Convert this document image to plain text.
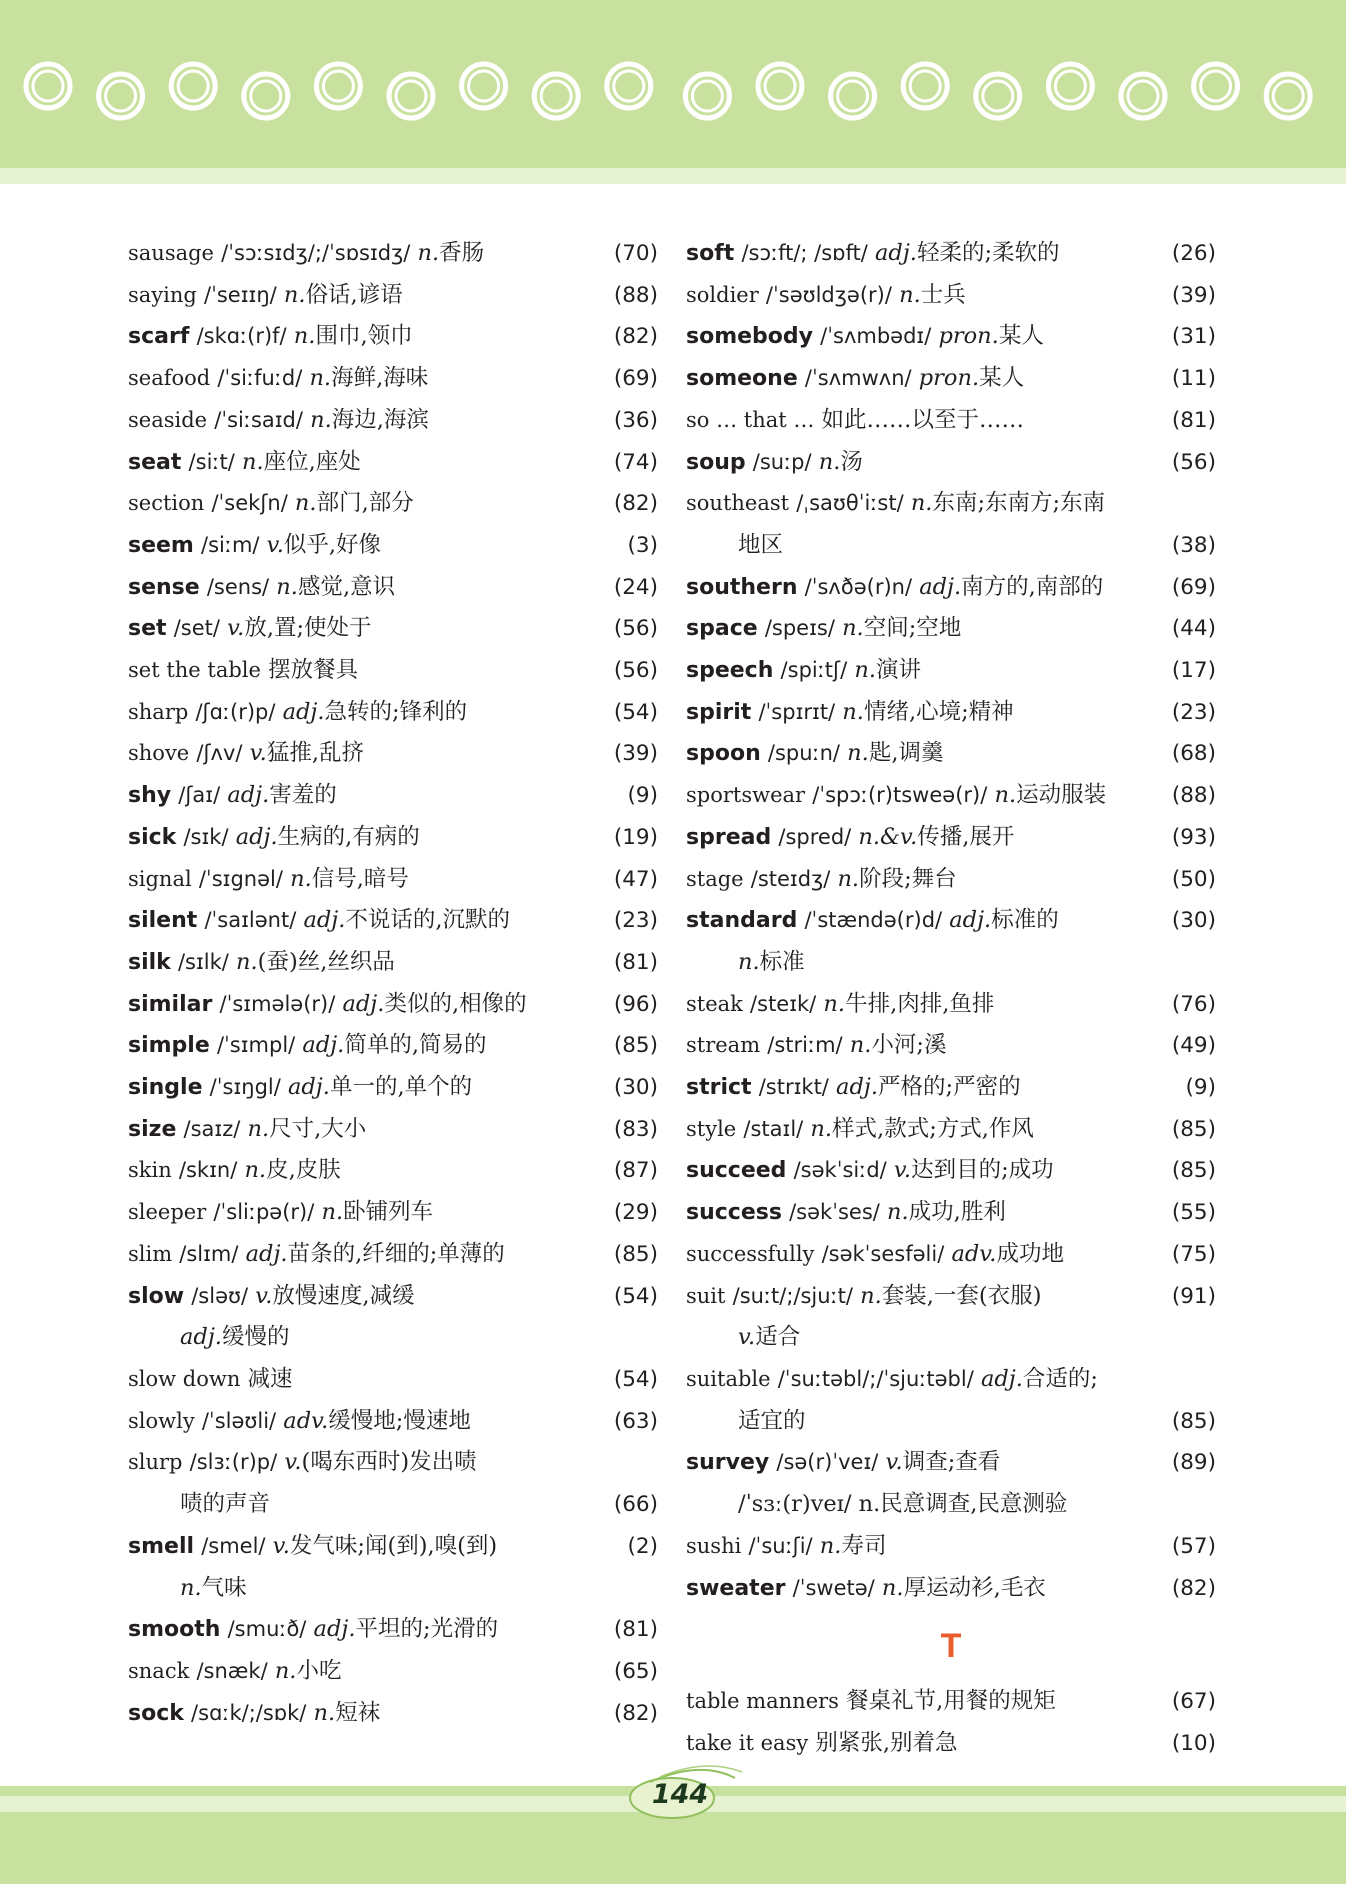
sausage /ˈsɔːsɪdʒ/;/ˈsɒsɪdʒ/ n.香肠	(70)
saying /ˈseɪɪŋ/ n.俗话,谚语	(88)
scarf /skɑː(r)f/ n.围巾,领巾	(82)
seafood /ˈsiːfuːd/ n.海鲜,海味	(69)
seaside /ˈsiːsaɪd/ n.海边,海滨	(36)
seat /siːt/ n.座位,座处	(74)
section /ˈsekʃn/ n.部门,部分	(82)
seem /siːm/ v.似乎,好像	(3)
sense /sens/ n.感觉,意识	(24)
set /set/ v.放,置;使处于	(56)
set the table 摆放餐具	(56)
sharp /ʃɑː(r)p/ adj.急转的;锋利的	(54)
shove /ʃʌv/ v.猛推,乱挤	(39)
shy /ʃaɪ/ adj.害羞的	(9)
sick /sɪk/ adj.生病的,有病的	(19)
signal /ˈsɪgnəl/ n.信号,暗号	(47)
silent /ˈsaɪlənt/ adj.不说话的,沉默的	(23)
silk /sɪlk/ n.(蚕)丝,丝织品	(81)
similar /ˈsɪmələ(r)/ adj.类似的,相像的	(96)
simple /ˈsɪmpl/ adj.简单的,简易的	(85)
single /ˈsɪŋgl/ adj.单一的,单个的	(30)
size /saɪz/ n.尺寸,大小	(83)
skin /skɪn/ n.皮,皮肤	(87)
sleeper /ˈsliːpə(r)/ n.卧铺列车	(29)
slim /slɪm/ adj.苗条的,纤细的;单薄的	(85)
slow /sləʊ/ v.放慢速度,减缓	(54)
adj.缓慢的
slow down 减速	(54)
slowly /ˈsləʊli/ adv.缓慢地;慢速地	(63)
slurp /slɜː(r)p/ v.(喝东西时)发出啧
啧的声音	(66)
smell /smel/ v.发气味;闻(到),嗅(到)	(2)
n.气味
smooth /smuːð/ adj.平坦的;光滑的	(81)
snack /snæk/ n.小吃	(65)
sock /sɑːk/;/sɒk/ n.短袜	(82)
soft /sɔːft/; /sɒft/ adj.轻柔的;柔软的	(26)
soldier /ˈsəʊldʒə(r)/ n.士兵	(39)
somebody /ˈsʌmbədɪ/ pron.某人	(31)
someone /ˈsʌmwʌn/ pron.某人	(11)
so … that … 如此……以至于……	(81)
soup /suːp/ n.汤	(56)
southeast /ˌsaʊθˈiːst/ n.东南;东南方;东南
地区	(38)
southern /ˈsʌðə(r)n/ adj.南方的,南部的	(69)
space /speɪs/ n.空间;空地	(44)
speech /spiːtʃ/ n.演讲	(17)
spirit /ˈspɪrɪt/ n.情绪,心境;精神	(23)
spoon /spuːn/ n.匙,调羹	(68)
sportswear /ˈspɔː(r)tsweə(r)/ n.运动服装	(88)
spread /spred/ n.&v.传播,展开	(93)
stage /steɪdʒ/ n.阶段;舞台	(50)
standard /ˈstændə(r)d/ adj.标准的	(30)
n.标准
steak /steɪk/ n.牛排,肉排,鱼排	(76)
stream /striːm/ n.小河;溪	(49)
strict /strɪkt/ adj.严格的;严密的	(9)
style /staɪl/ n.样式,款式;方式,作风	(85)
succeed /səkˈsiːd/ v.达到目的;成功	(85)
success /səkˈses/ n.成功,胜利	(55)
successfully /səkˈsesfəli/ adv.成功地	(75)
suit /suːt/;/sjuːt/ n.套装,一套(衣服)	(91)
v.适合
suitable /ˈsuːtəbl/;/ˈsjuːtəbl/ adj.合适的;
适宜的	(85)
survey /sə(r)ˈveɪ/ v.调查;查看	(89)
/ˈsɜː(r)veɪ/ n.民意调查,民意测验
sushi /ˈsuːʃi/ n.寿司	(57)
sweater /ˈswetə/ n.厚运动衫,毛衣	(82)
T
table manners 餐桌礼节,用餐的规矩	(67)
take it easy 别紧张,别着急	(10)
144
